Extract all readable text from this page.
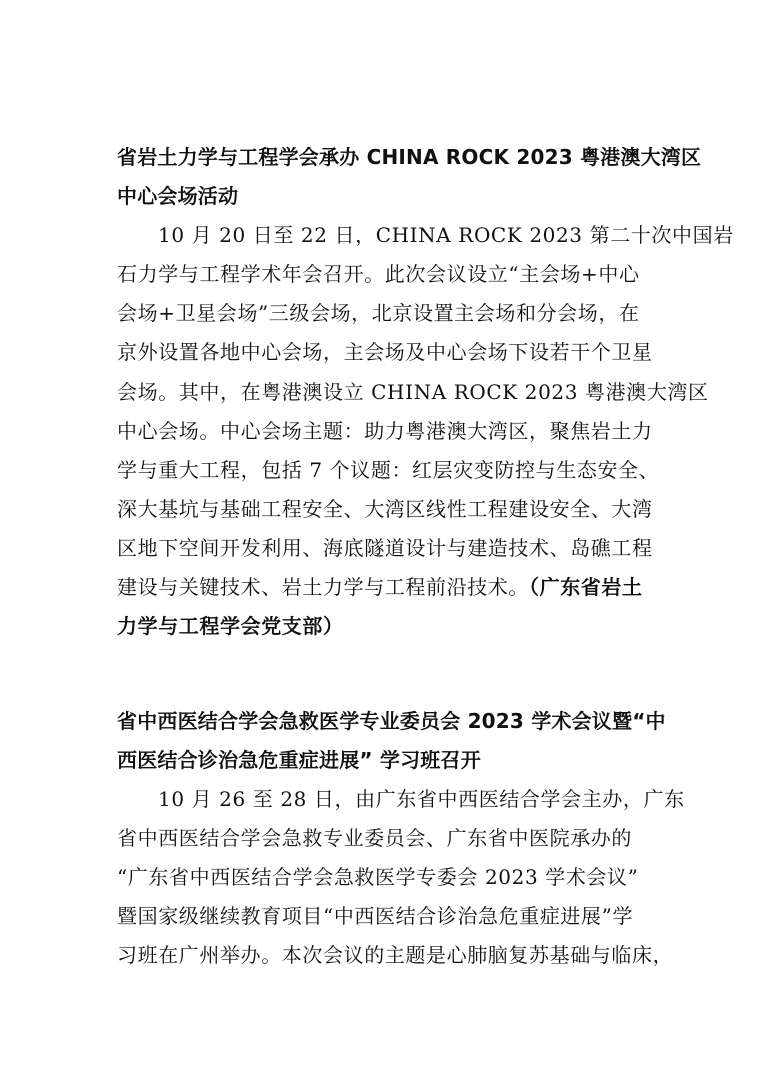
省岩土力学与工程学会承办 CHINA ROCK 2023 粤港澳大湾区
中心会场活动
10 月 20 日至 22 日，CHINA ROCK 2023 第二十次中国岩
石力学与工程学术年会召开。此次会议设立“主会场+中心
会场+卫星会场”三级会场，北京设置主会场和分会场，在
京外设置各地中心会场，主会场及中心会场下设若干个卫星
会场。其中，在粤港澳设立 CHINA ROCK 2023 粤港澳大湾区
中心会场。中心会场主题：助力粤港澳大湾区，聚焦岩土力
学与重大工程，包括 7 个议题：红层灾变防控与生态安全、
深大基坑与基础工程安全、大湾区线性工程建设安全、大湾
区地下空间开发利用、海底隧道设计与建造技术、岛礁工程
建设与关键技术、岩土力学与工程前沿技术。（广东省岩土
力学与工程学会党支部）
省中西医结合学会急救医学专业委员会 2023 学术会议暨“中
西医结合诊治急危重症进展” 学习班召开
10 月 26 至 28 日，由广东省中西医结合学会主办，广东
省中西医结合学会急救专业委员会、广东省中医院承办的
“广东省中西医结合学会急救医学专委会 2023 学术会议”
暨国家级继续教育项目“中西医结合诊治急危重症进展”学
习班在广州举办。本次会议的主题是心肺脑复苏基础与临床，
